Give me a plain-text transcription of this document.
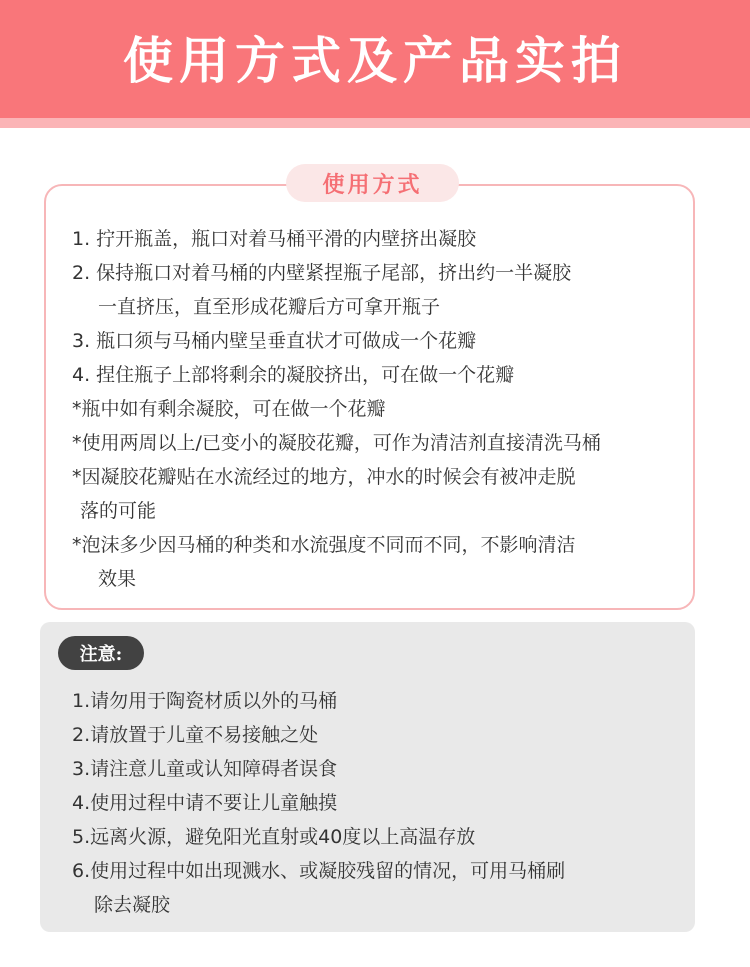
使用方式及产品实拍
使用方式
1. 拧开瓶盖，瓶口对着马桶平滑的内壁挤出凝胶
2. 保持瓶口对着马桶的内壁紧捏瓶子尾部，挤出约一半凝胶
一直挤压，直至形成花瓣后方可拿开瓶子
3. 瓶口须与马桶内壁呈垂直状才可做成一个花瓣
4. 捏住瓶子上部将剩余的凝胶挤出，可在做一个花瓣
*瓶中如有剩余凝胶，可在做一个花瓣
*使用两周以上/已变小的凝胶花瓣，可作为清洁剂直接清洗马桶
*因凝胶花瓣贴在水流经过的地方，冲水的时候会有被冲走脱
落的可能
*泡沫多少因马桶的种类和水流强度不同而不同，不影响清洁
效果
注意:
1.请勿用于陶瓷材质以外的马桶
2.请放置于儿童不易接触之处
3.请注意儿童或认知障碍者误食
4.使用过程中请不要让儿童触摸
5.远离火源，避免阳光直射或40度以上高温存放
6.使用过程中如出现溅水、或凝胶残留的情况，可用马桶刷
除去凝胶
